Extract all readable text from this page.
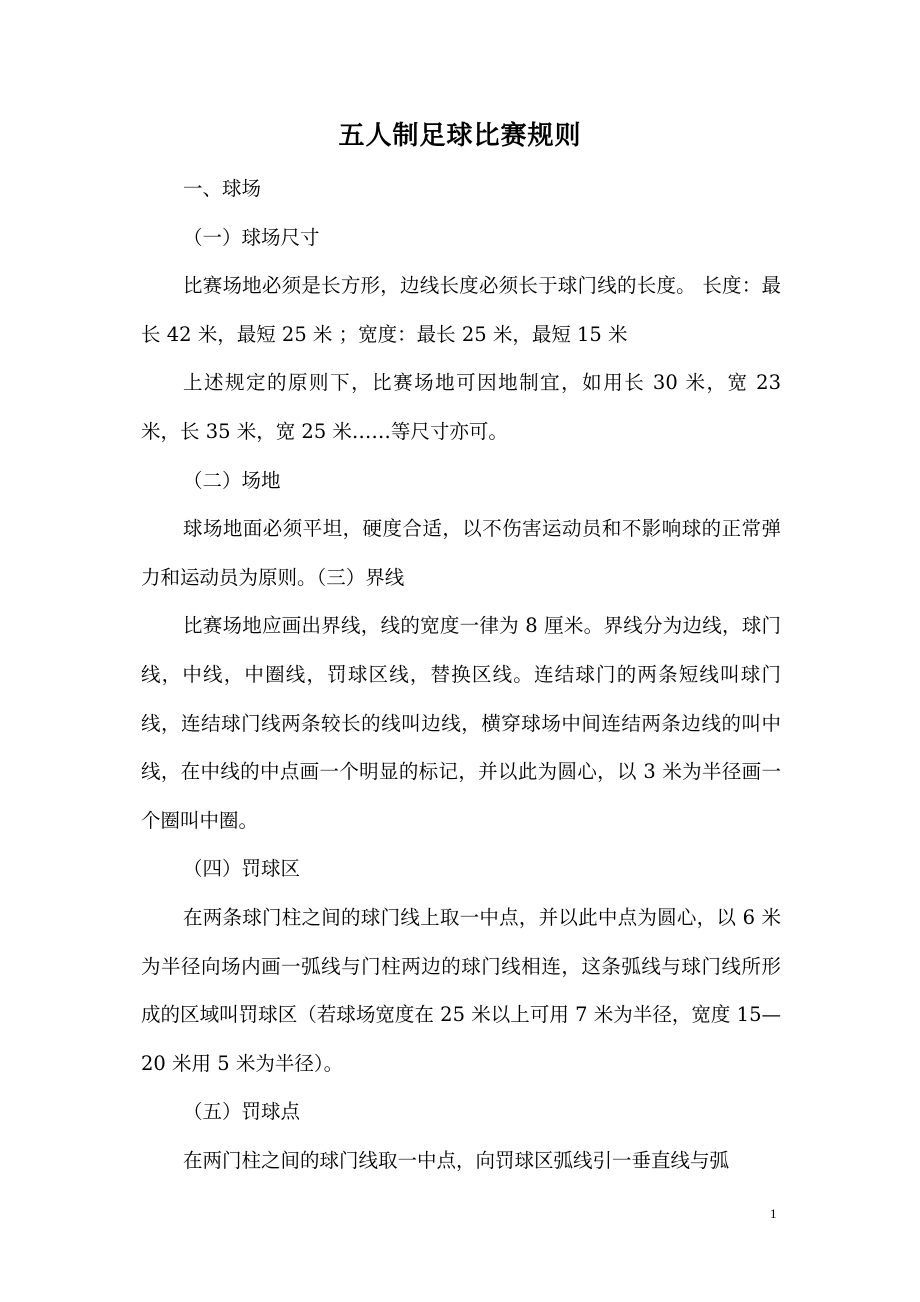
五人制足球比赛规则

一、球场

（一）球场尺寸

比赛场地必须是长方形，边线长度必须长于球门线的长度。 长度：最长 42 米，最短 25 米 ；宽度：最长 25 米，最短 15 米

上述规定的原则下，比赛场地可因地制宜，如用长 30 米，宽 23 米，长 35 米，宽 25 米……等尺寸亦可。

（二）场地

球场地面必须平坦，硬度合适，以不伤害运动员和不影响球的正常弹力和运动员为原则。（三）界线

比赛场地应画出界线，线的宽度一律为 8 厘米。界线分为边线，球门线，中线，中圈线，罚球区线，替换区线。连结球门的两条短线叫球门线，连结球门线两条较长的线叫边线，横穿球场中间连结两条边线的叫中线，在中线的中点画一个明显的标记，并以此为圆心，以 3 米为半径画一个圈叫中圈。

（四）罚球区

在两条球门柱之间的球门线上取一中点，并以此中点为圆心，以 6 米为半径向场内画一弧线与门柱两边的球门线相连，这条弧线与球门线所形成的区域叫罚球区（若球场宽度在 25 米以上可用 7 米为半径，宽度 15—20 米用 5 米为半径）。

（五）罚球点

在两门柱之间的球门线取一中点，向罚球区弧线引一垂直线与弧

1
